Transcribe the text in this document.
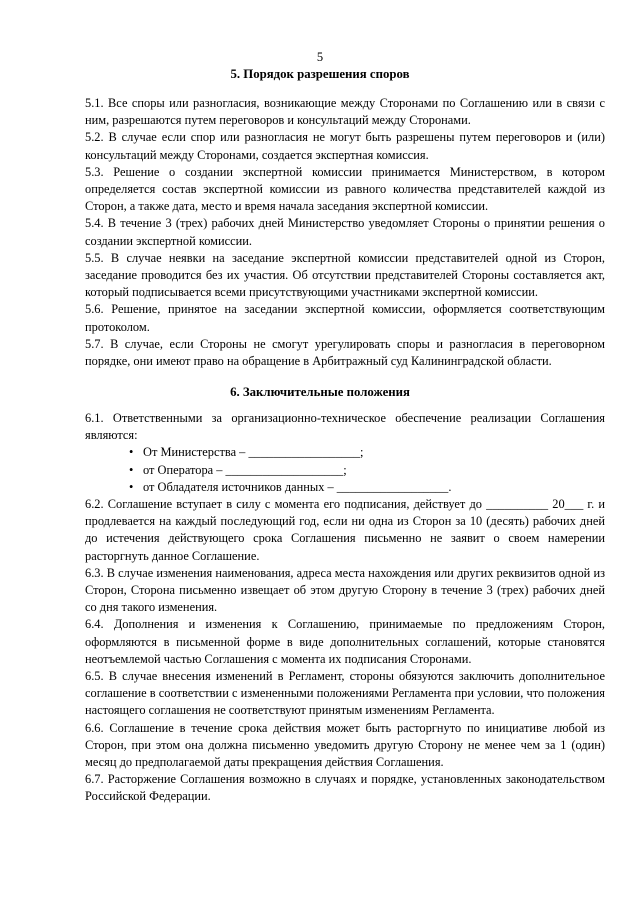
5
5. Порядок разрешения споров

5.1. Все споры или разногласия, возникающие между Сторонами по Соглашению или в связи с ним, разрешаются путем переговоров и консультаций между Сторонами.

5.2. В случае если спор или разногласия не могут быть разрешены путем переговоров и (или) консультаций между Сторонами, создается экспертная комиссия.

5.3. Решение о создании экспертной комиссии принимается Министерством, в котором определяется состав экспертной комиссии из равного количества представителей каждой из Сторон, а также дата, место и время начала заседания экспертной комиссии.

5.4. В течение 3 (трех) рабочих дней Министерство уведомляет Стороны о принятии решения о создании экспертной комиссии.

5.5. В случае неявки на заседание экспертной комиссии представителей одной из Сторон, заседание проводится без их участия. Об отсутствии представителей Стороны составляется акт, который подписывается всеми присутствующими участниками экспертной комиссии.

5.6. Решение, принятое на заседании экспертной комиссии, оформляется соответствующим протоколом.

5.7. В случае, если Стороны не смогут урегулировать споры и разногласия в переговорном порядке, они имеют право на обращение в Арбитражный суд Калининградской области.

6. Заключительные положения

6.1. Ответственными за организационно-техническое обеспечение реализации Соглашения являются:

• От Министерства – __________________;
• от Оператора – ___________________;
• от Обладателя источников данных – __________________.

6.2. Соглашение вступает в силу с момента его подписания, действует до __________ 20___ г. и продлевается на каждый последующий год, если ни одна из Сторон за 10 (десять) рабочих дней до истечения действующего срока Соглашения письменно не заявит о своем намерении расторгнуть данное Соглашение.

6.3. В случае изменения наименования, адреса места нахождения или других реквизитов одной из Сторон, Сторона письменно извещает об этом другую Сторону в течение 3 (трех) рабочих дней со дня такого изменения.

6.4. Дополнения и изменения к Соглашению, принимаемые по предложениям Сторон, оформляются в письменной форме в виде дополнительных соглашений, которые становятся неотъемлемой частью Соглашения с момента их подписания Сторонами.

6.5. В случае внесения изменений в Регламент, стороны обязуются заключить дополнительное соглашение в соответствии с измененными положениями Регламента при условии, что положения настоящего соглашения не соответствуют принятым изменениям Регламента.

6.6. Соглашение в течение срока действия может быть расторгнуто по инициативе любой из Сторон, при этом она должна письменно уведомить другую Сторону не менее чем за 1 (один) месяц до предполагаемой даты прекращения действия Соглашения.

6.7. Расторжение Соглашения возможно в случаях и порядке, установленных законодательством Российской Федерации.
